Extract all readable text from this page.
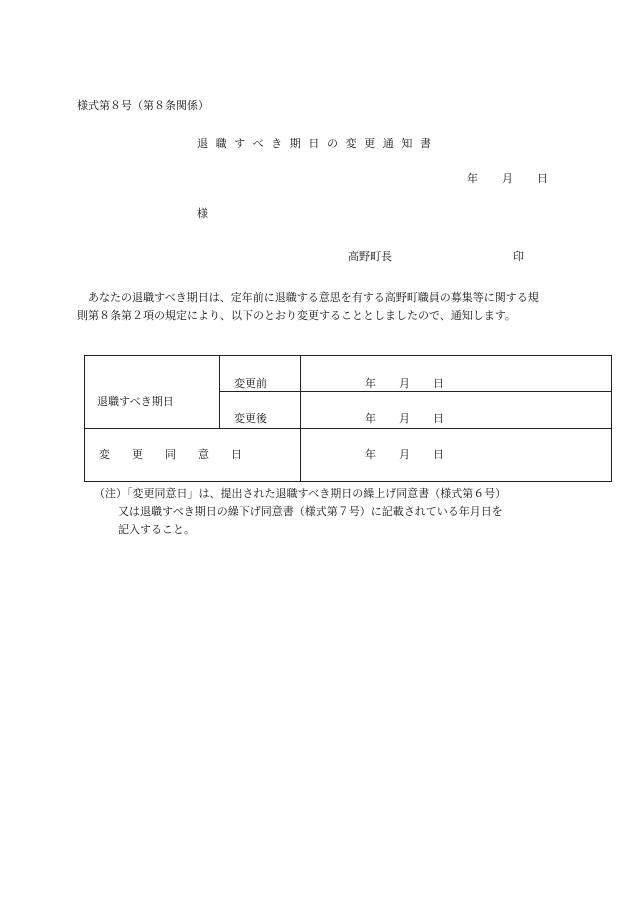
様式第８号（第８条関係）
退職すべき期日の変更通知書
年 月 日
様
高野町長	印
あなたの退職すべき期日は、定年前に退職する意思を有する高野町職員の募集等に関する規則第８条第２項の規定により、以下のとおり変更することとしましたので、通知します。
退職すべき期日
変更前	年 月 日
変更後	年 月 日
変　　更　　同　　意　　日	年 月 日
（注）「変更同意日」は、提出された退職すべき期日の繰上げ同意書（様式第６号）
又は退職すべき期日の繰下げ同意書（様式第７号）に記載されている年月日を
記入すること。
